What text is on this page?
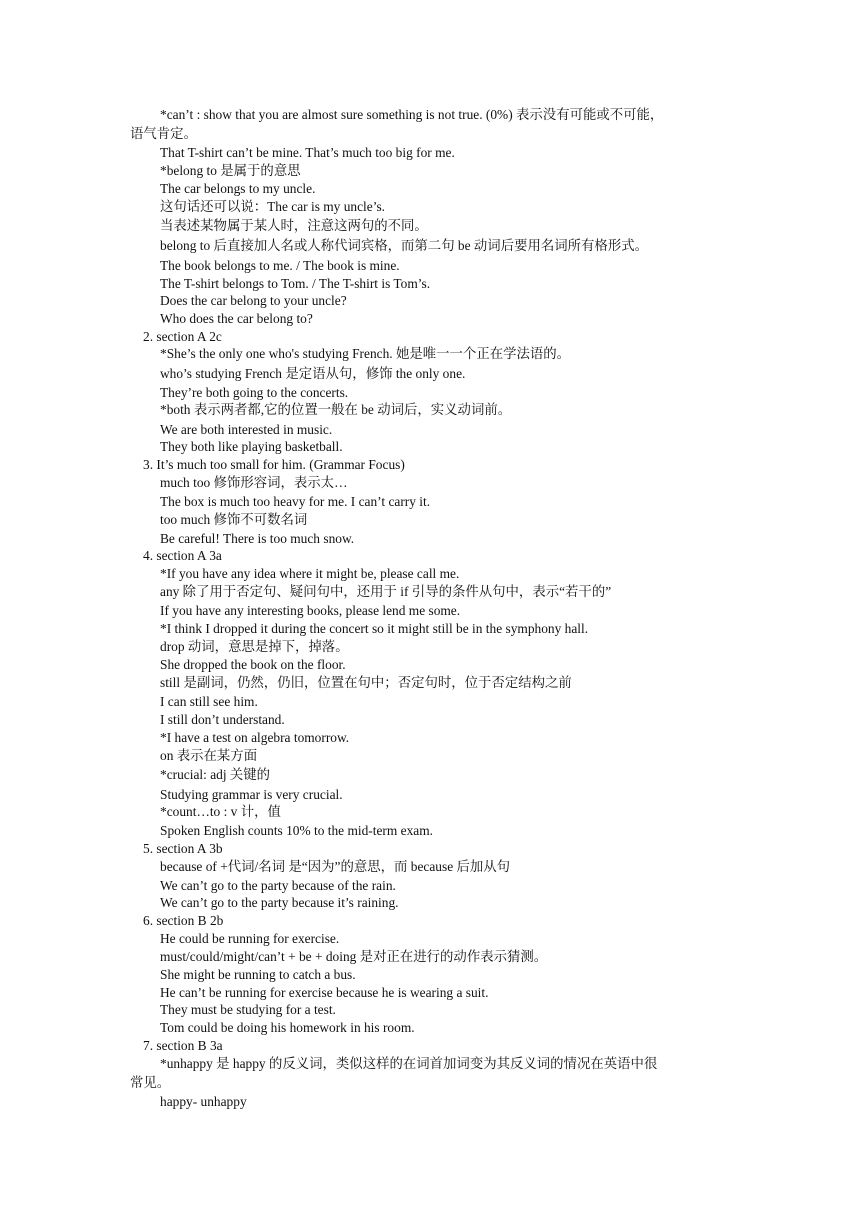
*can’t : show that you are almost sure something is not true. (0%) 表示没有可能或不可能，
语气肯定。
That T-shirt can’t be mine. That’s much too big for me.
*belong to 是属于的意思
The car belongs to my uncle.
这句话还可以说：The car is my uncle’s.
当表述某物属于某人时，注意这两句的不同。
belong to 后直接加人名或人称代词宾格，而第二句 be 动词后要用名词所有格形式。
The book belongs to me. / The book is mine.
The T-shirt belongs to Tom. / The T-shirt is Tom’s.
Does the car belong to your uncle?
Who does the car belong to?
2. section A 2c
*She’s the only one who's studying French. 她是唯一一个正在学法语的。
who’s studying French 是定语从句，修饰 the only one.
They’re both going to the concerts.
*both 表示两者都,它的位置一般在 be 动词后，实义动词前。
We are both interested in music.
They both like playing basketball.
3. It’s much too small for him. (Grammar Focus)
much too 修饰形容词，表示太…
The box is much too heavy for me. I can’t carry it.
too much 修饰不可数名词
Be careful! There is too much snow.
4. section A 3a
*If you have any idea where it might be, please call me.
any 除了用于否定句、疑问句中，还用于 if 引导的条件从句中，表示“若干的”
If you have any interesting books, please lend me some.
*I think I dropped it during the concert so it might still be in the symphony hall.
drop 动词，意思是掉下，掉落。
She dropped the book on the floor.
still 是副词，仍然，仍旧，位置在句中；否定句时，位于否定结构之前
I can still see him.
I still don’t understand.
*I have a test on algebra tomorrow.
on 表示在某方面
*crucial: adj 关键的
Studying grammar is very crucial.
*count…to : v 计，值
Spoken English counts 10% to the mid-term exam.
5. section A 3b
because of +代词/名词 是“因为”的意思，而 because 后加从句
We can’t go to the party because of the rain.
We can’t go to the party because it’s raining.
6. section B 2b
He could be running for exercise.
must/could/might/can’t + be + doing 是对正在进行的动作表示猜测。
She might be running to catch a bus.
He can’t be running for exercise because he is wearing a suit.
They must be studying for a test.
Tom could be doing his homework in his room.
7. section B 3a
*unhappy 是 happy 的反义词，类似这样的在词首加词变为其反义词的情况在英语中很
常见。
happy- unhappy
